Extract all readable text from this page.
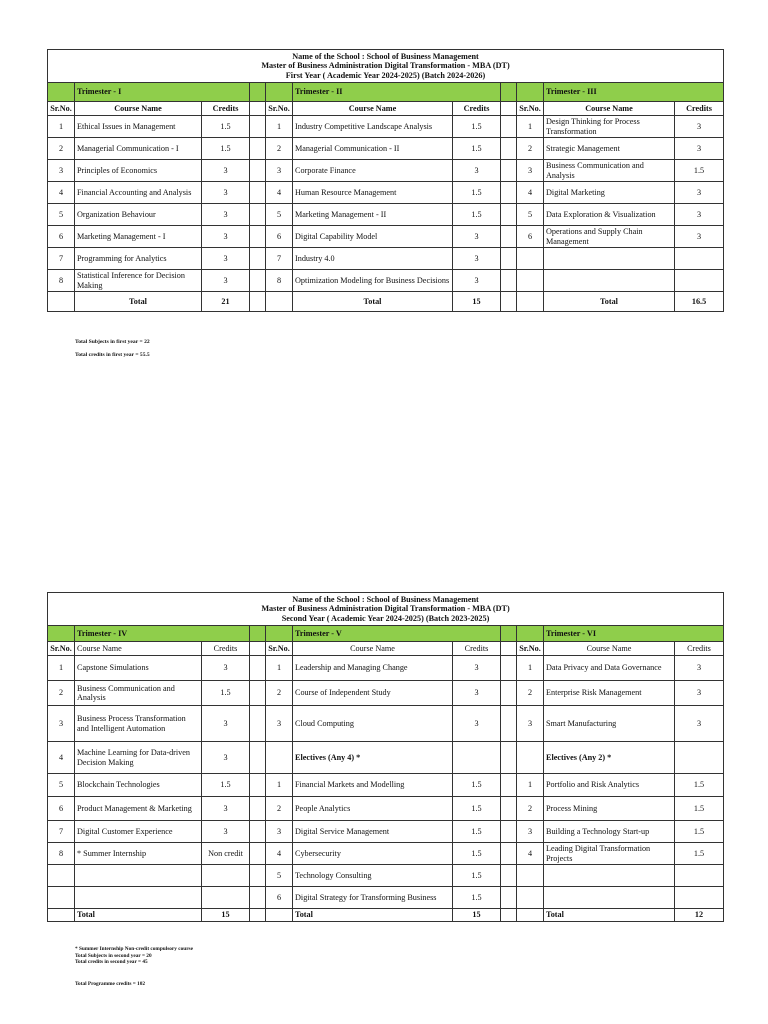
Name of the School : School of Business Management
Master of Business Administration Digital Transformation - MBA (DT)
First Year ( Academic Year 2024-2025) (Batch 2024-2026)										

	Trimester - I				Trimester - II				Trimester - III	
Sr.No.	Course Name	Credits		Sr.No.	Course Name	Credits		Sr.No.	Course Name	Credits
1	Ethical Issues in Management	1.5		1	Industry Competitive Landscape Analysis	1.5		1	Design Thinking for Process Transformation	3
2	Managerial Communication - I	1.5		2	Managerial Communication - II	1.5		2	Strategic Management	3
3	Principles of Economics	3		3	Corporate Finance	3		3	Business Communication and Analysis	1.5
4	Financial Accounting and Analysis	3		4	Human Resource Management	1.5		4	Digital Marketing	3
5	Organization Behaviour	3		5	Marketing Management - II	1.5		5	Data Exploration & Visualization	3
6	Marketing Management - I	3		6	Digital Capability Model	3		6	Operations and Supply Chain Management	3
7	Programming for Analytics	3		7	Industry 4.0	3				
8	Statistical Inference for Decision Making	3		8	Optimization Modeling for Business Decisions	3				
	Total	21			Total	15			Total	16.5
Total Subjects in first year = 22
Total credits in first year = 55.5
Name of the School : School of Business Management
Master of Business Administration Digital Transformation - MBA (DT)
Second Year ( Academic Year 2024-2025) (Batch 2023-2025)										

	Trimester - IV				Trimester - V				Trimester - VI	
Sr.No.	Course Name	Credits		Sr.No.	Course Name	Credits		Sr.No.	Course Name	Credits
1	Capstone Simulations	3		1	Leadership and Managing Change	3		1	Data Privacy and Data Governance	3
2	Business Communication and Analysis	1.5		2	Course of Independent Study	3		2	Enterprise Risk Management	3
3	Business Process Transformation and Intelligent Automation	3		3	Cloud Computing	3		3	Smart Manufacturing	3
4	Machine Learning for Data-driven Decision Making	3			Electives (Any 4) *				Electives (Any 2) *	
5	Blockchain Technologies	1.5		1	Financial Markets and Modelling	1.5		1	Portfolio and Risk Analytics	1.5
6	Product Management & Marketing	3		2	People Analytics	1.5		2	Process Mining	1.5
7	Digital Customer Experience	3		3	Digital Service Management	1.5		3	Building a Technology Start-up	1.5
8	* Summer Internship	Non credit		4	Cybersecurity	1.5		4	Leading Digital Transformation Projects	1.5
				5	Technology Consulting	1.5				
				6	Digital Strategy for Transforming Business	1.5				
	Total	15			Total	15			Total	12
* Summer Internship Non-credit compulsory course
Total Subjects in second year = 20
Total credits in second year = 45
Total Programme credits = 102
